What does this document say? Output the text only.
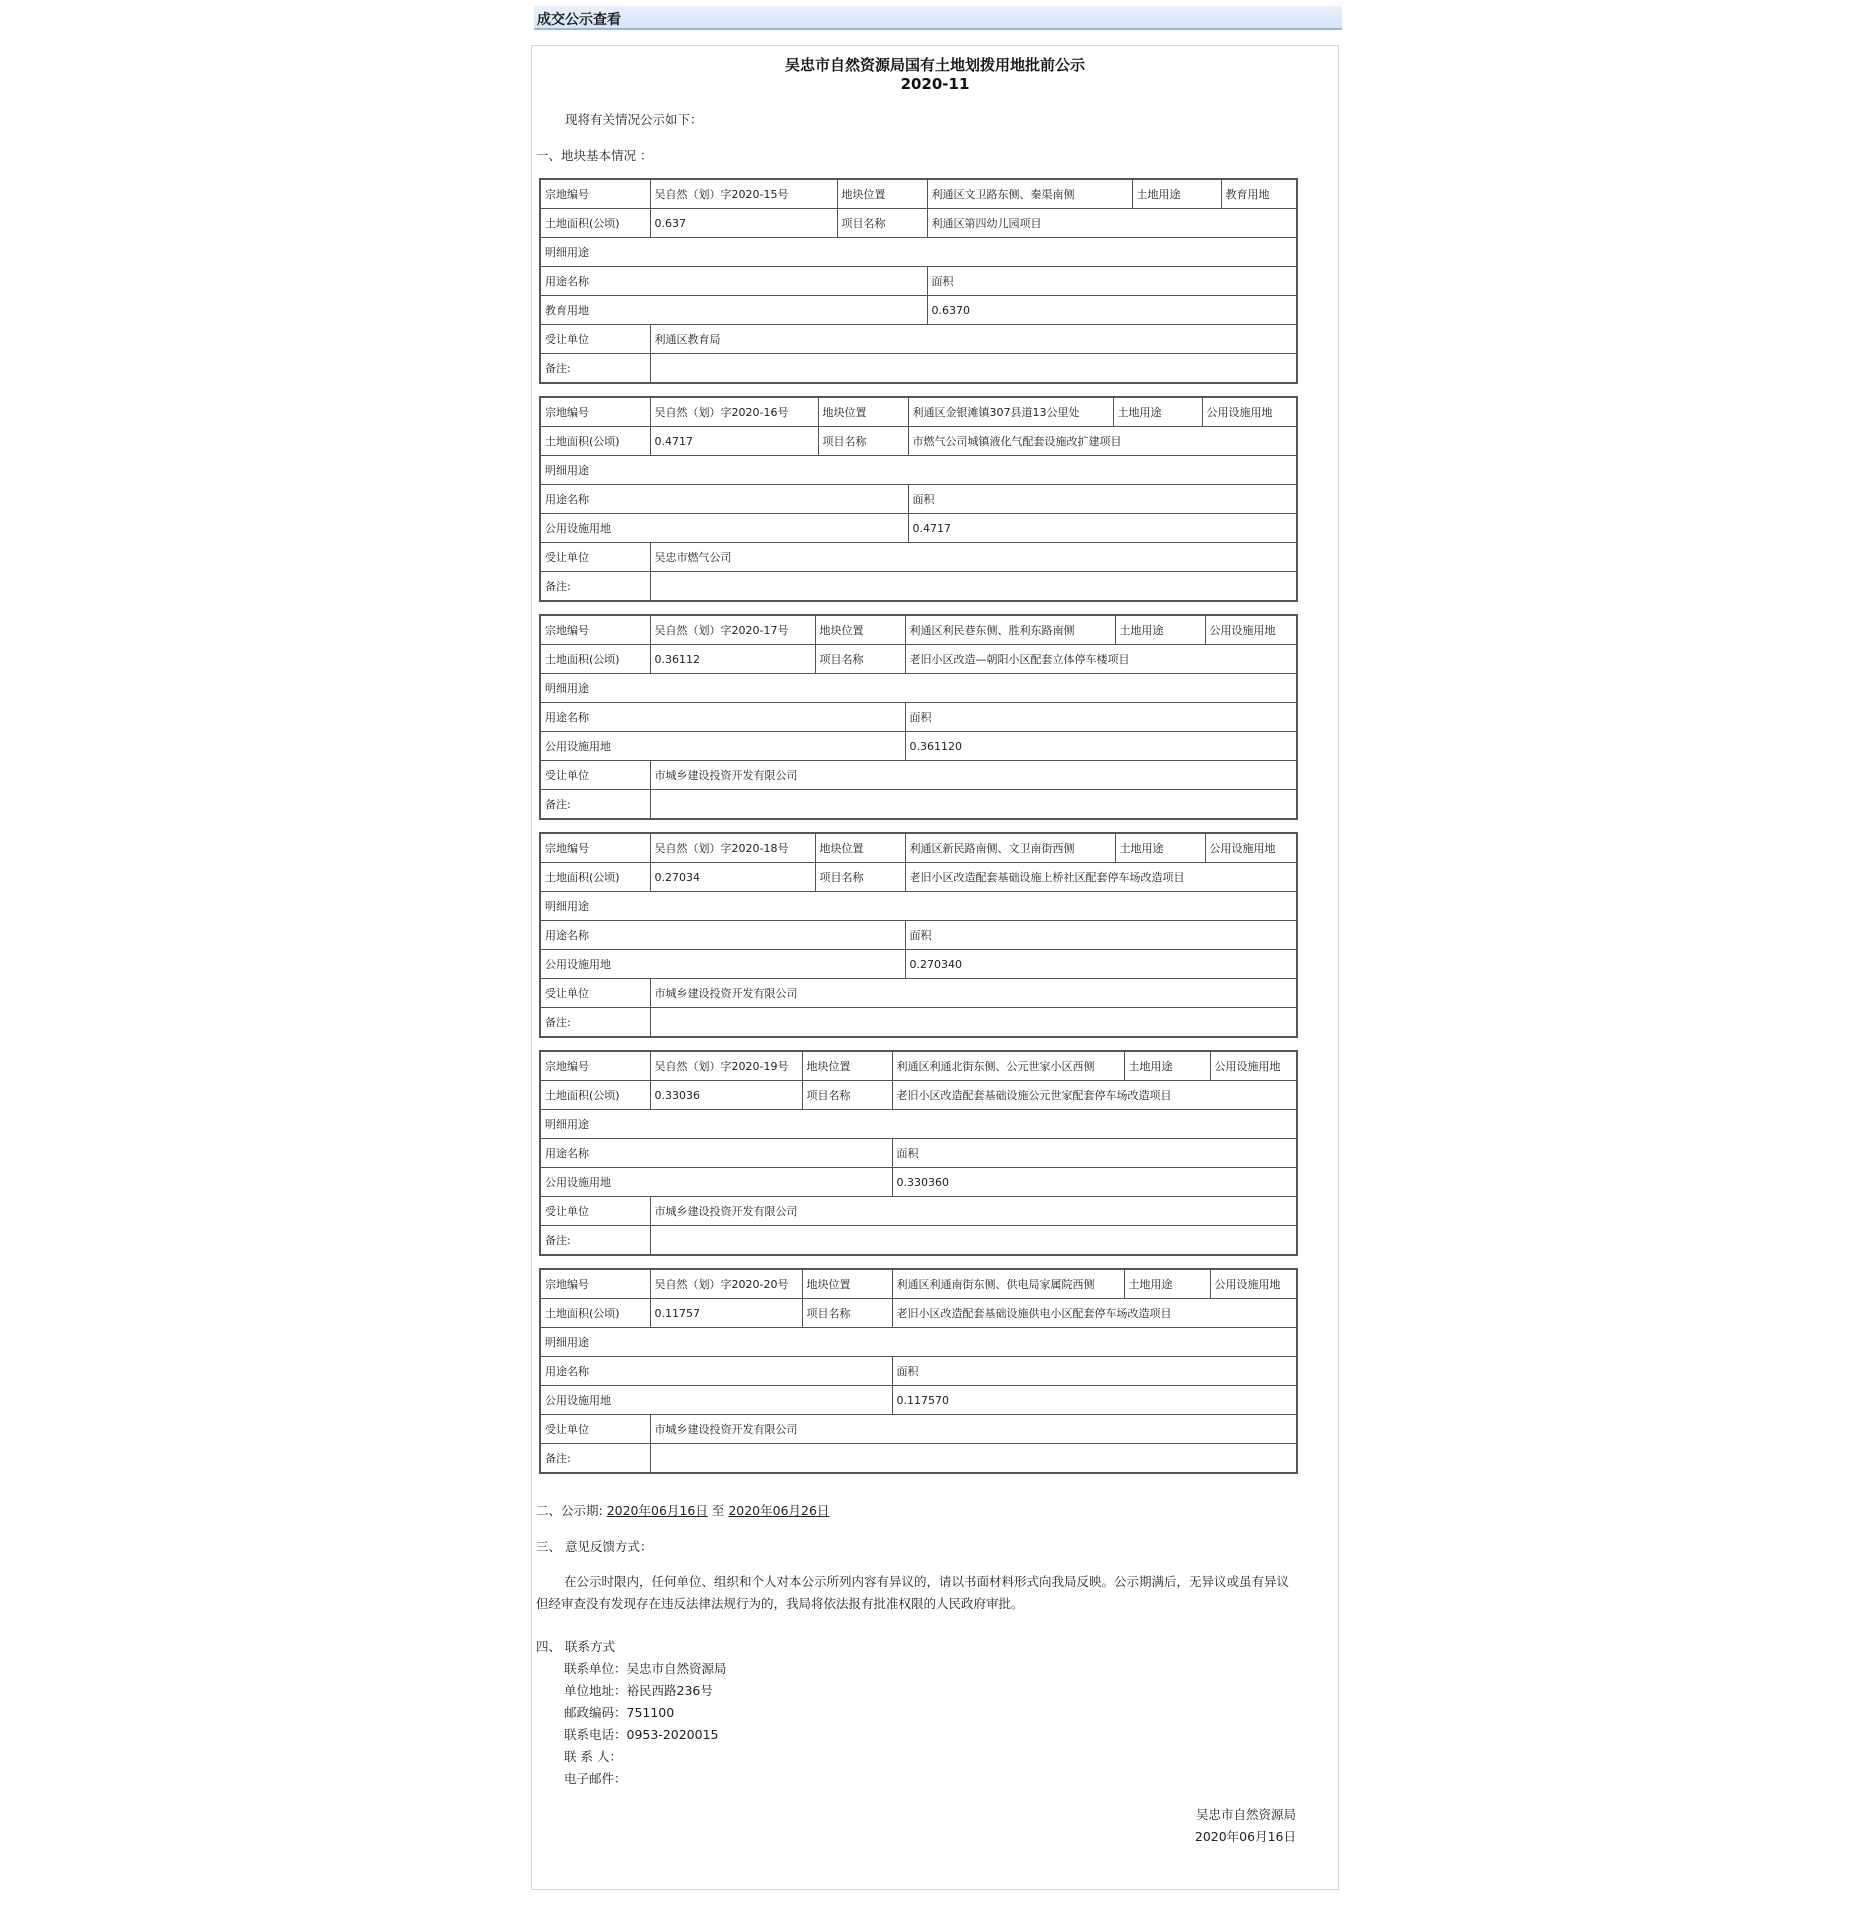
成交公示查看
吴忠市自然资源局国有土地划拨用地批前公示
2020-11
现将有关情况公示如下：
一、地块基本情况 ：
宗地编号	吴自然（划）字2020-15号	地块位置	利通区文卫路东侧、秦渠南侧	土地用途	教育用地
土地面积(公顷)	0.637	项目名称	利通区第四幼儿园项目		
明细用途					
用途名称			面积		
教育用地			0.6370		
受让单位	利通区教育局				
备注:					
宗地编号	吴自然（划）字2020-16号	地块位置	利通区金银滩镇307县道13公里处	土地用途	公用设施用地
土地面积(公顷)	0.4717	项目名称	市燃气公司城镇液化气配套设施改扩建项目		
明细用途					
用途名称			面积		
公用设施用地			0.4717		
受让单位	吴忠市燃气公司				
备注:					
宗地编号	吴自然（划）字2020-17号	地块位置	利通区利民巷东侧、胜利东路南侧	土地用途	公用设施用地
土地面积(公顷)	0.36112	项目名称	老旧小区改造—朝阳小区配套立体停车楼项目		
明细用途					
用途名称			面积		
公用设施用地			0.361120		
受让单位	市城乡建设投资开发有限公司				
备注:					
宗地编号	吴自然（划）字2020-18号	地块位置	利通区新民路南侧、文卫南街西侧	土地用途	公用设施用地
土地面积(公顷)	0.27034	项目名称	老旧小区改造配套基础设施上桥社区配套停车场改造项目		
明细用途					
用途名称			面积		
公用设施用地			0.270340		
受让单位	市城乡建设投资开发有限公司				
备注:					
宗地编号	吴自然（划）字2020-19号	地块位置	利通区利通北街东侧、公元世家小区西侧	土地用途	公用设施用地
土地面积(公顷)	0.33036	项目名称	老旧小区改造配套基础设施公元世家配套停车场改造项目		
明细用途					
用途名称			面积		
公用设施用地			0.330360		
受让单位	市城乡建设投资开发有限公司				
备注:					
宗地编号	吴自然（划）字2020-20号	地块位置	利通区利通南街东侧、供电局家属院西侧	土地用途	公用设施用地
土地面积(公顷)	0.11757	项目名称	老旧小区改造配套基础设施供电小区配套停车场改造项目		
明细用途					
用途名称			面积		
公用设施用地			0.117570		
受让单位	市城乡建设投资开发有限公司				
备注:					
二、公示期: 2020年06月16日 至 2020年06月26日
三、 意见反馈方式：
在公示时限内，任何单位、组织和个人对本公示所列内容有异议的，请以书面材料形式向我局反映。公示期满后，无异议或虽有异议但经审查没有发现存在违反法律法规行为的，我局将依法报有批准权限的人民政府审批。
四、 联系方式
联系单位：吴忠市自然资源局
单位地址：裕民西路236号
邮政编码：751100
联系电话：0953-2020015
联 系 人：
电子邮件：
吴忠市自然资源局
2020年06月16日
